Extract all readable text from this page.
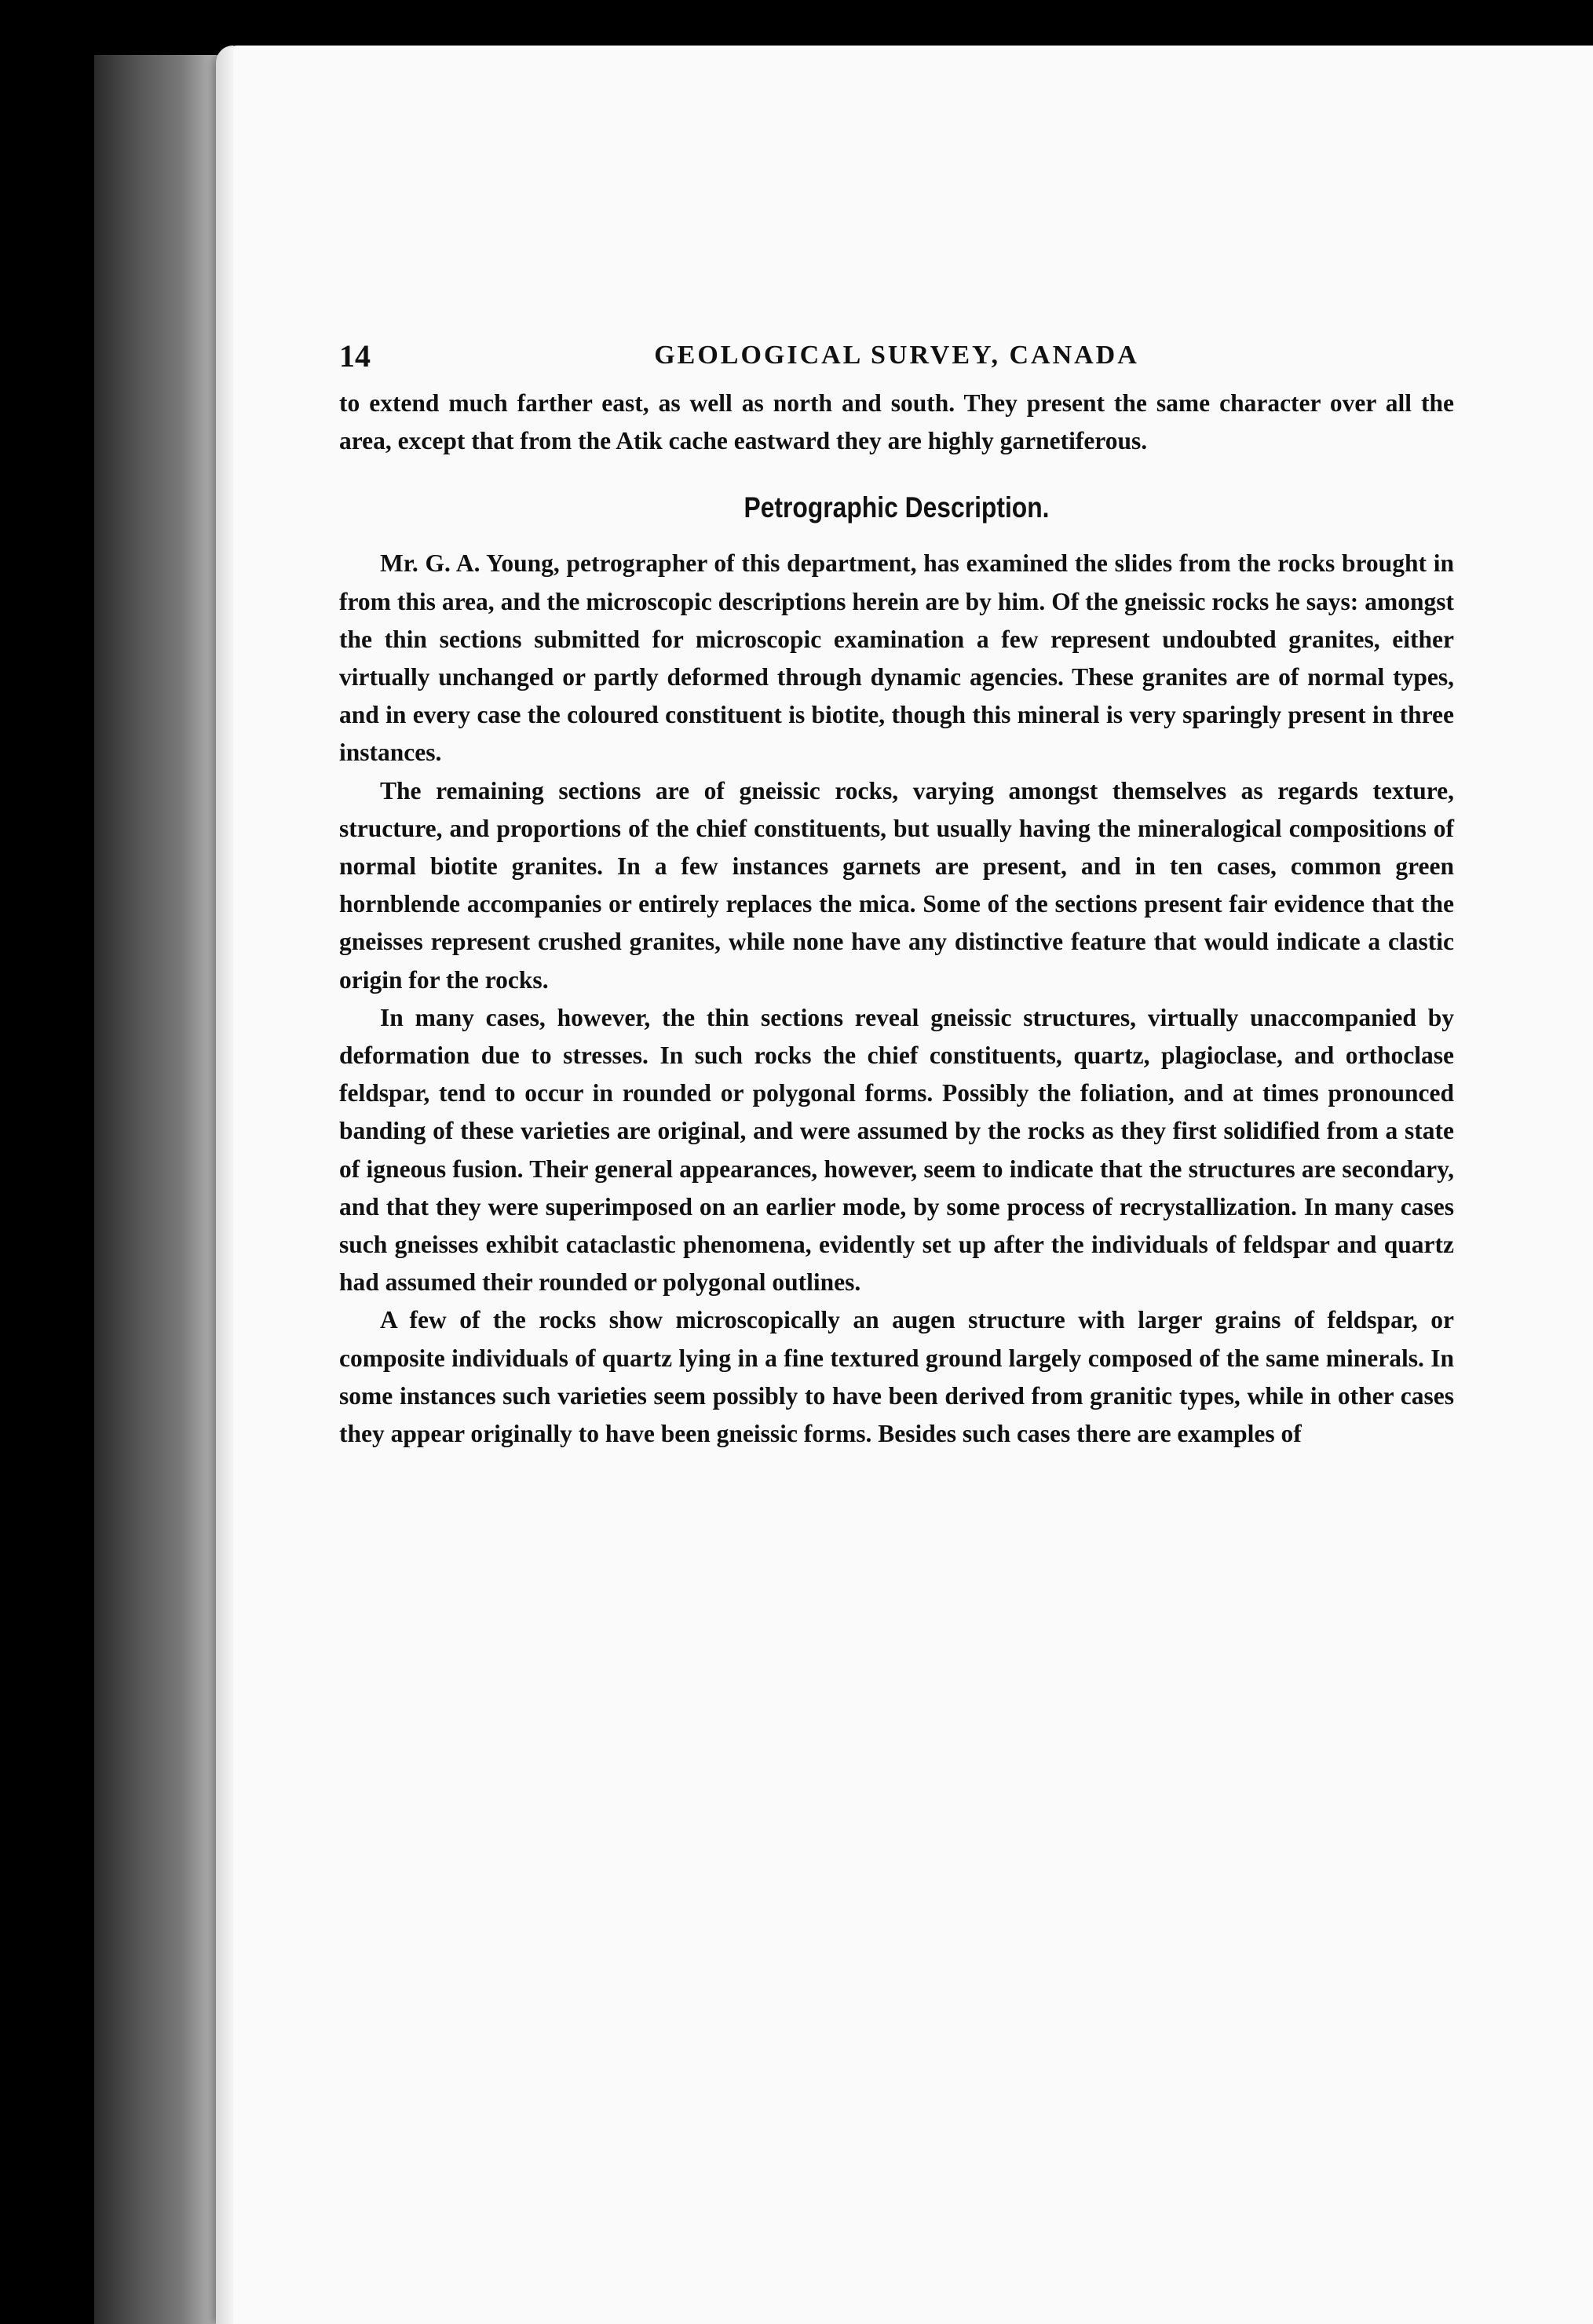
14	GEOLOGICAL SURVEY, CANADA

to extend much farther east, as well as north and south. They present the same character over all the area, except that from the Atik cache eastward they are highly garnetiferous.

Petrographic Description.

Mr. G. A. Young, petrographer of this department, has examined the slides from the rocks brought in from this area, and the microscopic descriptions herein are by him. Of the gneissic rocks he says: amongst the thin sections submitted for microscopic examination a few represent undoubted granites, either virtually unchanged or partly deformed through dynamic agencies. These granites are of normal types, and in every case the coloured constituent is biotite, though this mineral is very sparingly present in three instances.

The remaining sections are of gneissic rocks, varying amongst themselves as regards texture, structure, and proportions of the chief constituents, but usually having the mineralogical compositions of normal biotite granites. In a few instances garnets are present, and in ten cases, common green hornblende accompanies or entirely replaces the mica. Some of the sections present fair evidence that the gneisses represent crushed granites, while none have any distinctive feature that would indicate a clastic origin for the rocks.

In many cases, however, the thin sections reveal gneissic structures, virtually unaccompanied by deformation due to stresses. In such rocks the chief constituents, quartz, plagioclase, and orthoclase feldspar, tend to occur in rounded or polygonal forms. Possibly the foliation, and at times pronounced banding of these varieties are original, and were assumed by the rocks as they first solidified from a state of igneous fusion. Their general appearances, however, seem to indicate that the structures are secondary, and that they were superimposed on an earlier mode, by some process of recrystallization. In many cases such gneisses exhibit cataclastic phenomena, evidently set up after the individuals of feldspar and quartz had assumed their rounded or polygonal outlines.

A few of the rocks show microscopically an augen structure with larger grains of feldspar, or composite individuals of quartz lying in a fine textured ground largely composed of the same minerals. In some instances such varieties seem possibly to have been derived from granitic types, while in other cases they appear originally to have been gneissic forms. Besides such cases there are examples of
